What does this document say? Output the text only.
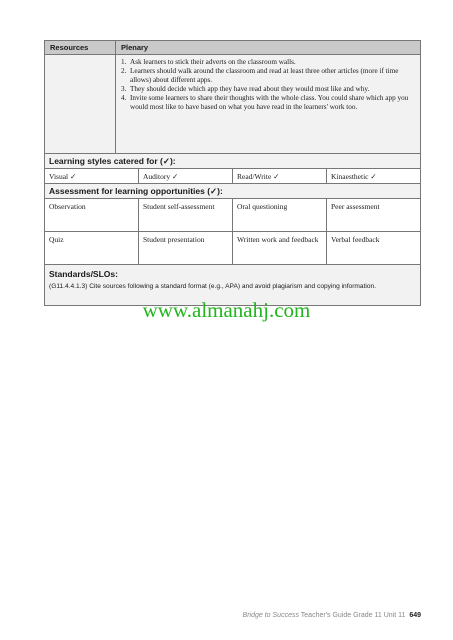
Resources	Plenary
1. Ask learners to stick their adverts on the classroom walls.
2. Learners should walk around the classroom and read at least three other articles (more if time allows) about different apps.
3. They should decide which app they have read about they would most like and why.
4. Invite some learners to share their thoughts with the whole class. You could share which app you would most like to have based on what you have read in the learners' work too.
Learning styles catered for (✓):
Visual ✓	Auditory ✓	Read/Write ✓	Kinaesthetic ✓
Assessment for learning opportunities (✓):
Observation	Student self-assessment	Oral questioning	Peer assessment
Quiz	Student presentation	Written work and feedback	Verbal feedback
Standards/SLOs:
(G11.4.4.1.3) Cite sources following a standard format (e.g., APA) and avoid plagiarism and copying information.
www.almanahj.com
Bridge to Success Teacher's Guide Grade 11 Unit 11 649
